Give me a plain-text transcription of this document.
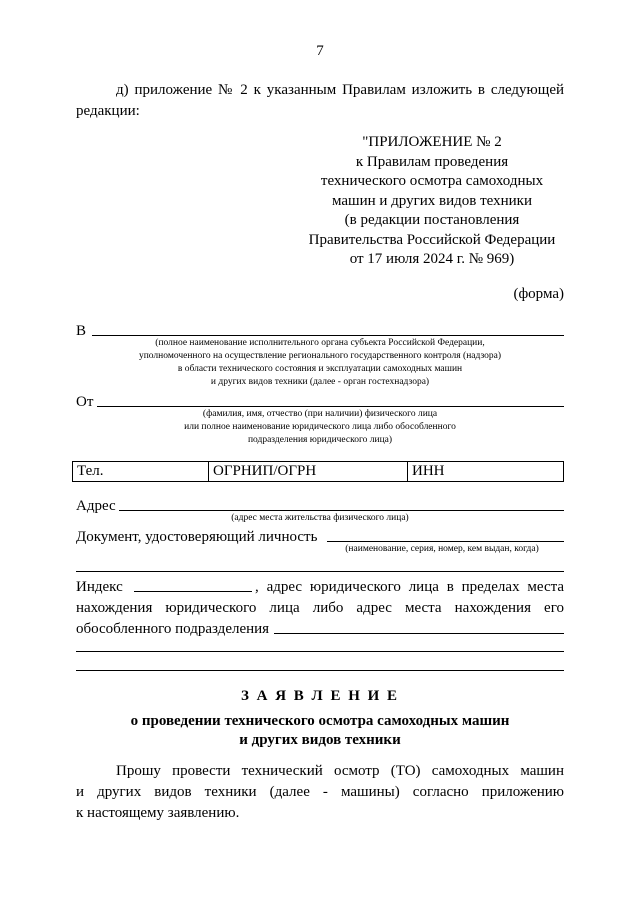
7
д) приложение № 2 к указанным Правилам изложить в следующей
редакции:
"ПРИЛОЖЕНИЕ № 2
к Правилам проведения
технического осмотра самоходных
машин и других видов техники
(в редакции постановления
Правительства Российской Федерации
от 17 июля 2024 г. № 969)
(форма)
В
(полное наименование исполнительного органа субъекта Российской Федерации,
уполномоченного на осуществление регионального государственного контроля (надзора)
в области технического состояния и эксплуатации самоходных машин
и других видов техники (далее - орган гостехнадзора)
От
(фамилия, имя, отчество (при наличии) физического лица
или полное наименование юридического лица либо обособленного
подразделения юридического лица)
Тел.	ОГРНИП/ОГРН	ИНН
Адрес
(адрес места жительства физического лица)
Документ, удостоверяющий личность
(наименование, серия, номер, кем выдан, когда)
Индекс	, адрес юридического лица в пределах места
нахождения юридического лица либо адрес места нахождения его
обособленного подразделения
З А Я В Л Е Н И Е
о проведении технического осмотра самоходных машин
и других видов техники
Прошу провести технический осмотр (ТО) самоходных машин
и других видов техники (далее - машины) согласно приложению
к настоящему заявлению.
